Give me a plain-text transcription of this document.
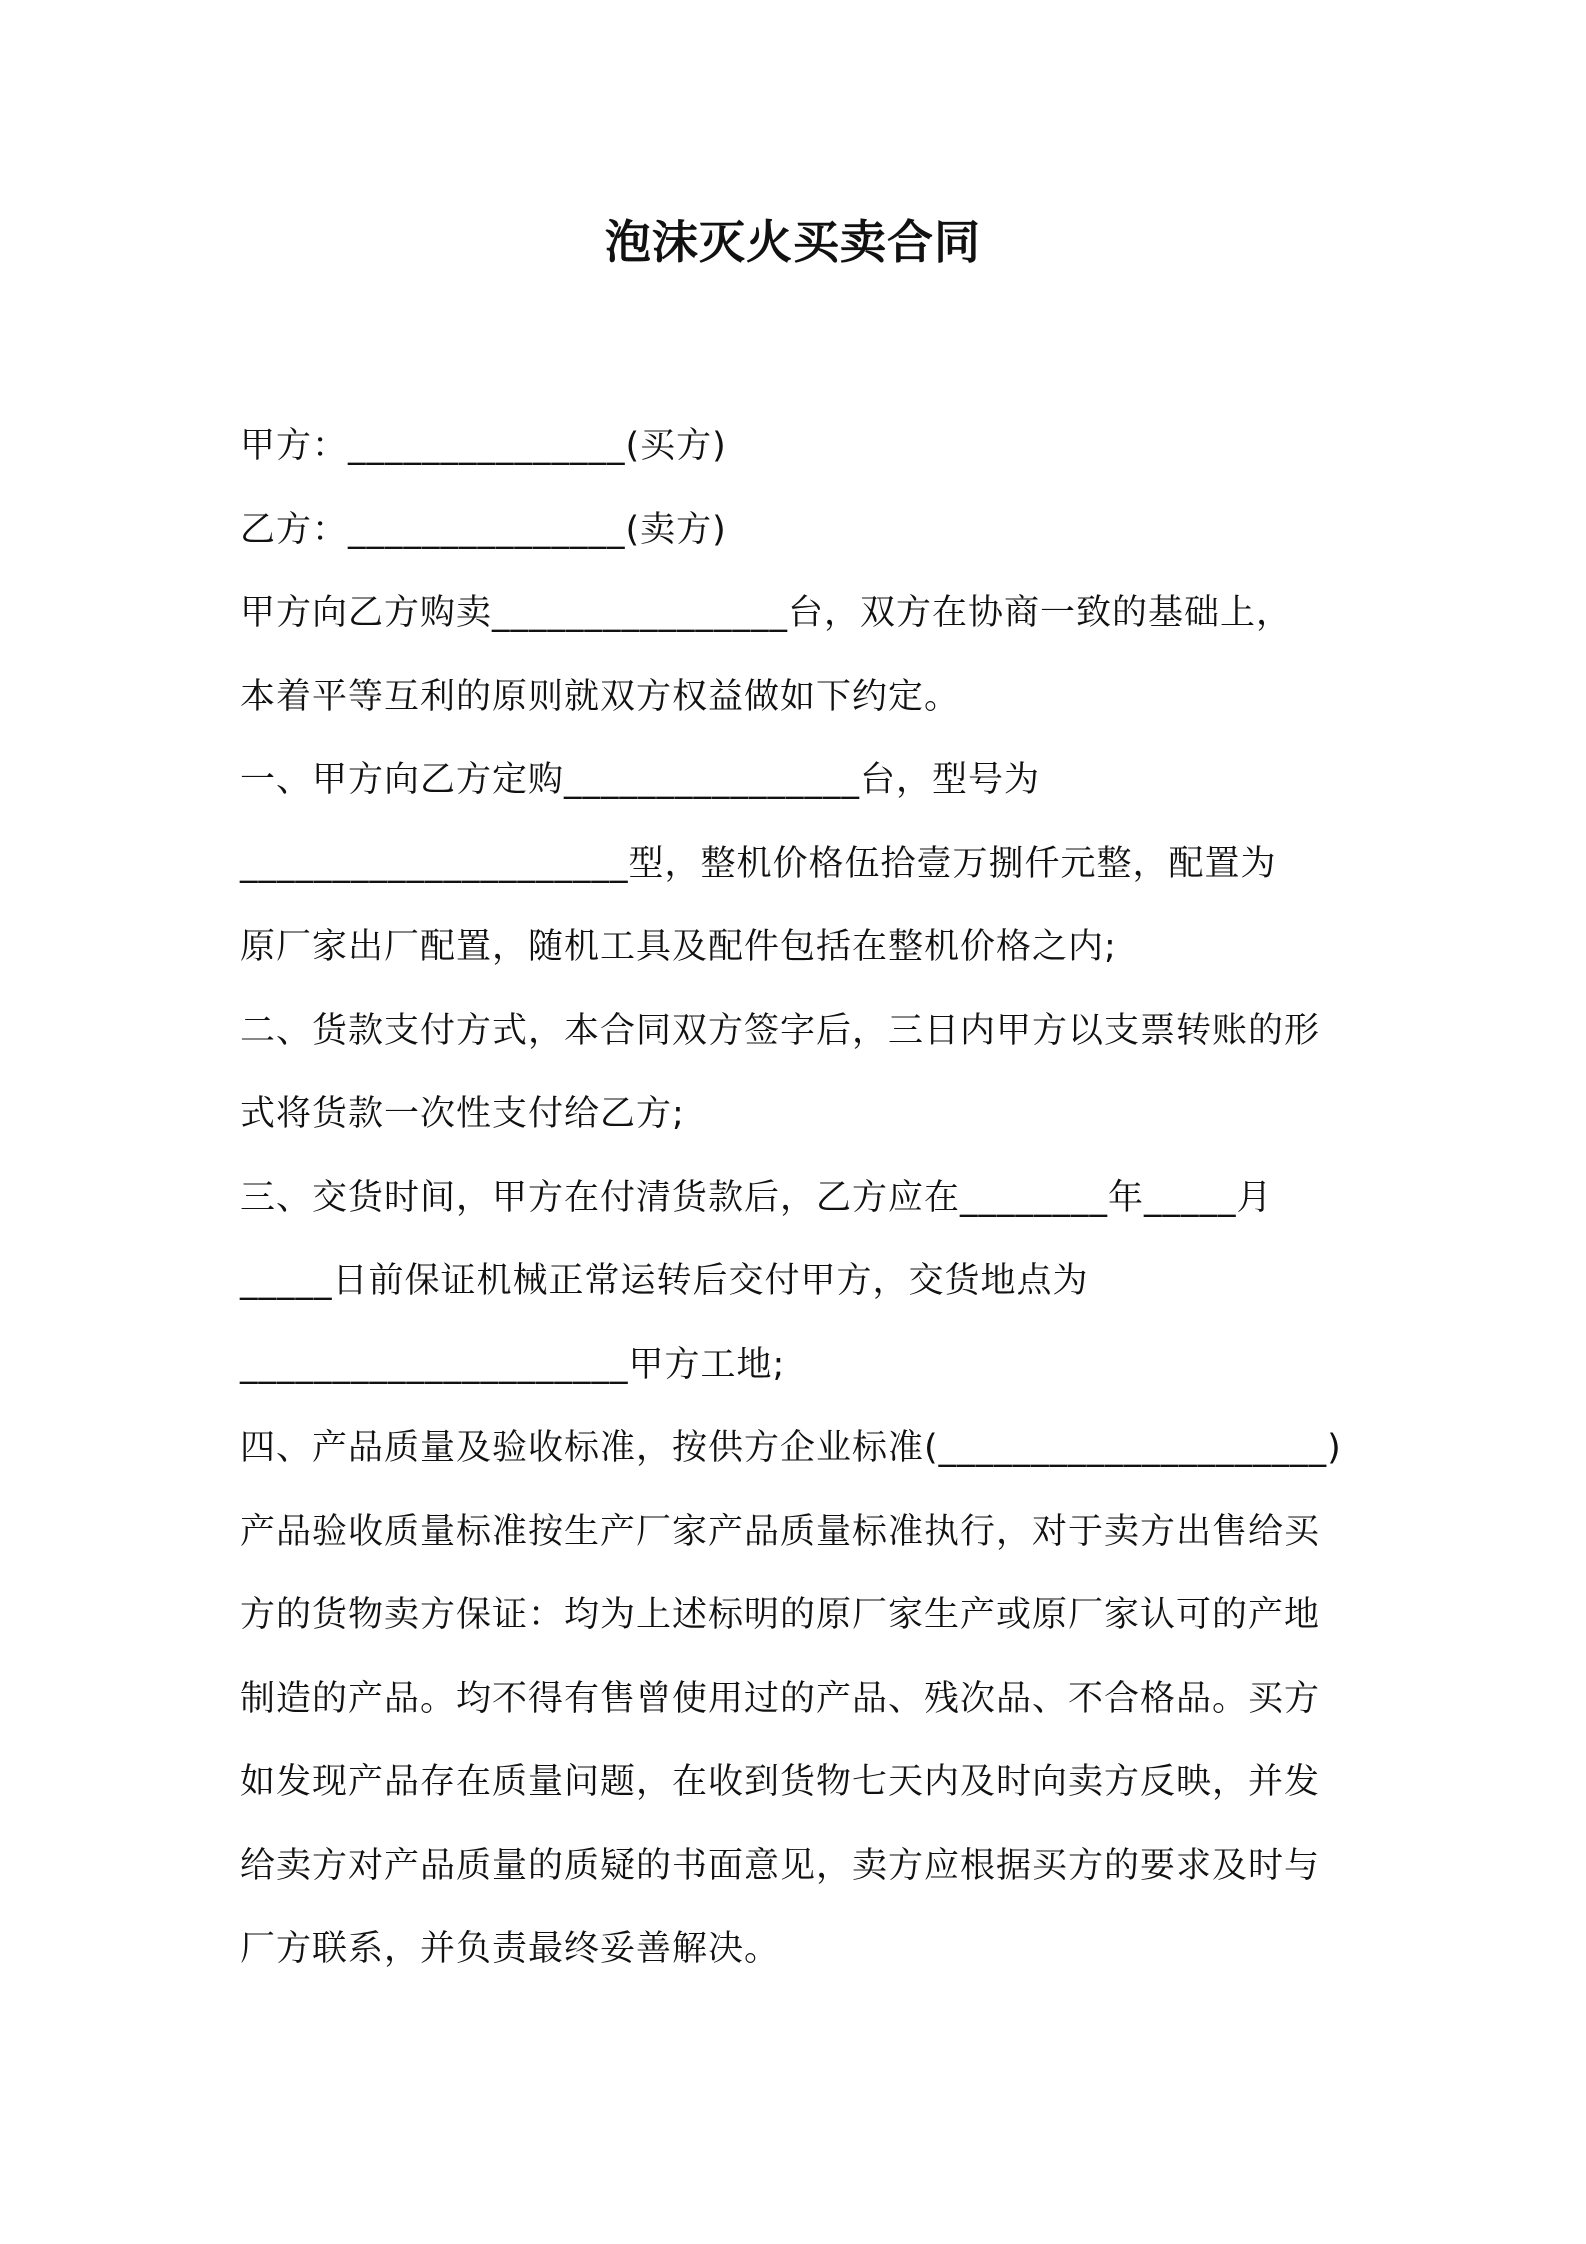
泡沫灭火买卖合同
甲方：_______________(买方)
乙方：_______________(卖方)
甲方向乙方购卖________________台，双方在协商一致的基础上，
本着平等互利的原则就双方权益做如下约定。
一、甲方向乙方定购________________台，型号为
_____________________型，整机价格伍拾壹万捌仟元整，配置为
原厂家出厂配置，随机工具及配件包括在整机价格之内;
二、货款支付方式，本合同双方签字后，三日内甲方以支票转账的形
式将货款一次性支付给乙方;
三、交货时间，甲方在付清货款后，乙方应在________年_____月
_____日前保证机械正常运转后交付甲方，交货地点为
_____________________甲方工地;
四、产品质量及验收标准，按供方企业标准(_____________________)
产品验收质量标准按生产厂家产品质量标准执行，对于卖方出售给买
方的货物卖方保证：均为上述标明的原厂家生产或原厂家认可的产地
制造的产品。均不得有售曾使用过的产品、残次品、不合格品。买方
如发现产品存在质量问题，在收到货物七天内及时向卖方反映，并发
给卖方对产品质量的质疑的书面意见，卖方应根据买方的要求及时与
厂方联系，并负责最终妥善解决。
